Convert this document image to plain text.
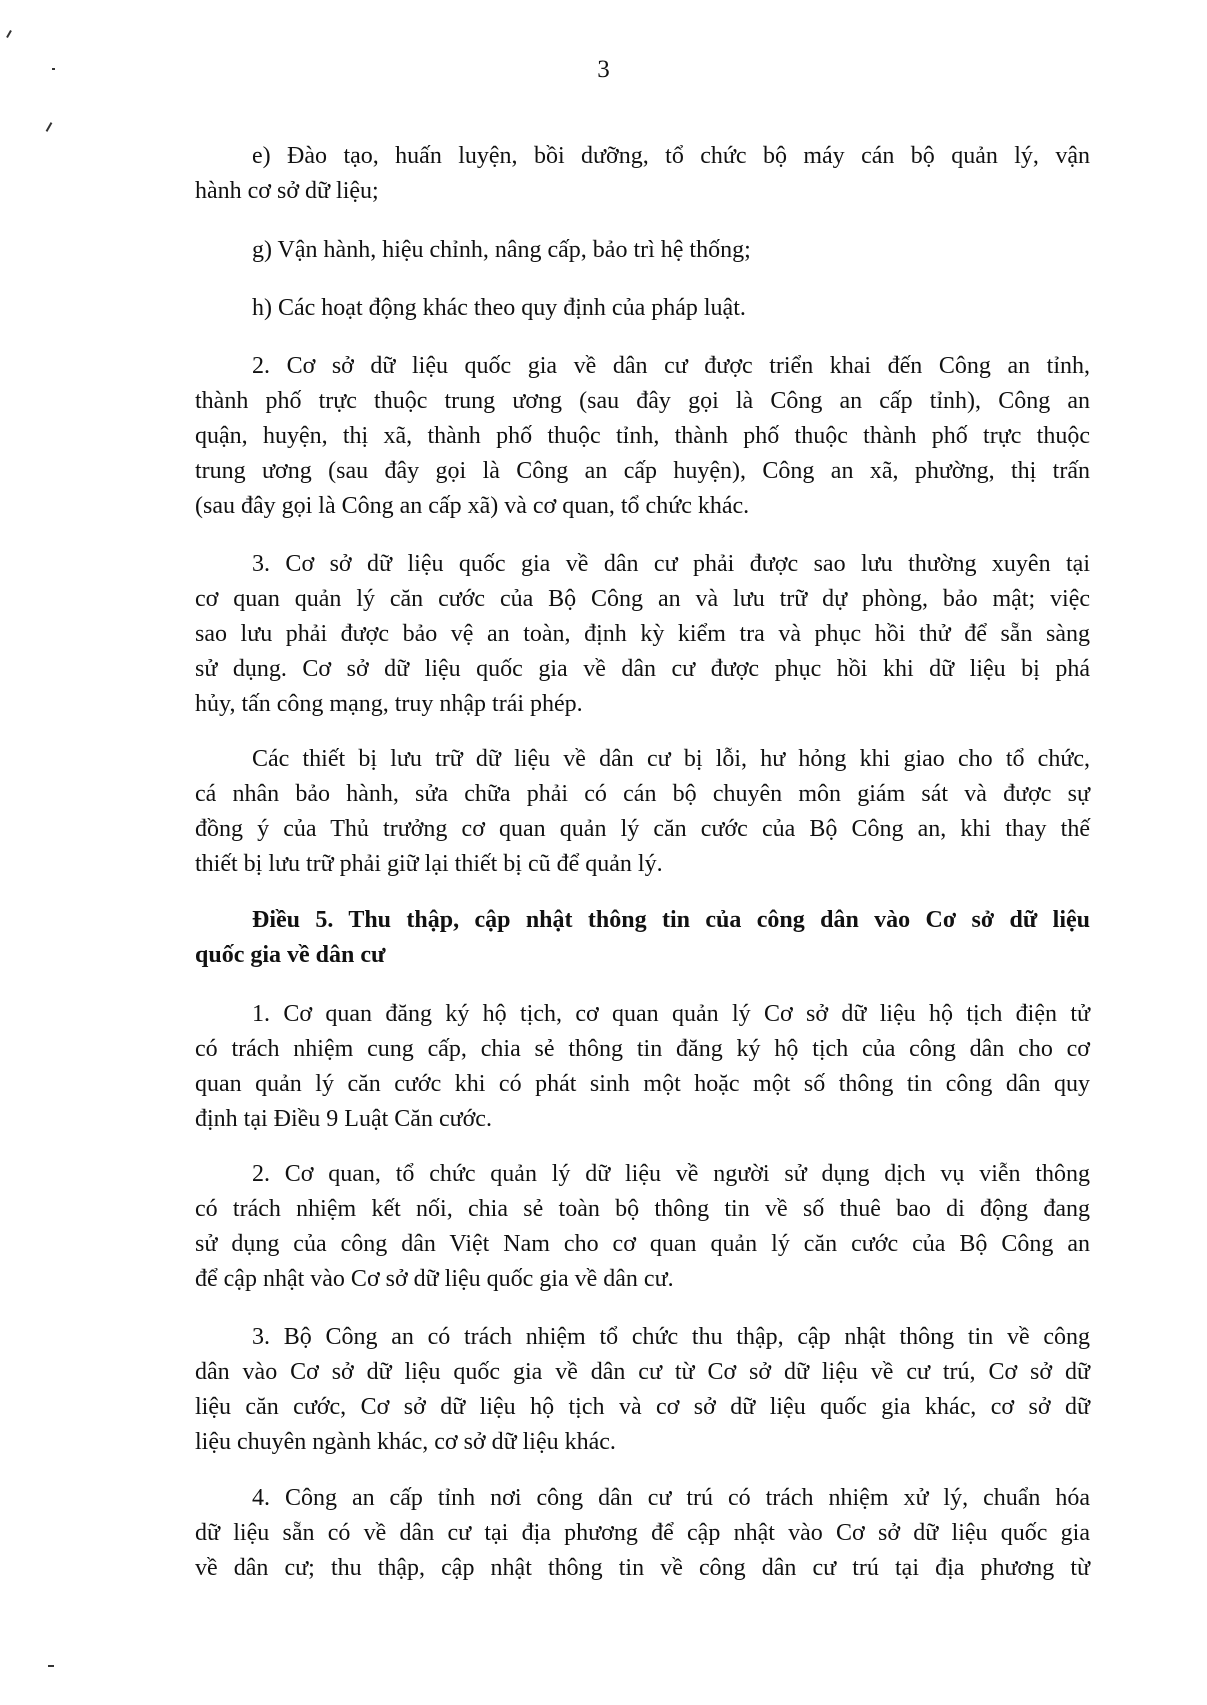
3
e) Đào tạo, huấn luyện, bồi dưỡng, tổ chức bộ máy cán bộ quản lý, vận
hành cơ sở dữ liệu;
g) Vận hành, hiệu chỉnh, nâng cấp, bảo trì hệ thống;
h) Các hoạt động khác theo quy định của pháp luật.
2. Cơ sở dữ liệu quốc gia về dân cư được triển khai đến Công an tỉnh,
thành phố trực thuộc trung ương (sau đây gọi là Công an cấp tỉnh), Công an
quận, huyện, thị xã, thành phố thuộc tỉnh, thành phố thuộc thành phố trực thuộc
trung ương (sau đây gọi là Công an cấp huyện), Công an xã, phường, thị trấn
(sau đây gọi là Công an cấp xã) và cơ quan, tổ chức khác.
3. Cơ sở dữ liệu quốc gia về dân cư phải được sao lưu thường xuyên tại
cơ quan quản lý căn cước của Bộ Công an và lưu trữ dự phòng, bảo mật; việc
sao lưu phải được bảo vệ an toàn, định kỳ kiểm tra và phục hồi thử để sẵn sàng
sử dụng. Cơ sở dữ liệu quốc gia về dân cư được phục hồi khi dữ liệu bị phá
hủy, tấn công mạng, truy nhập trái phép.
Các thiết bị lưu trữ dữ liệu về dân cư bị lỗi, hư hỏng khi giao cho tổ chức,
cá nhân bảo hành, sửa chữa phải có cán bộ chuyên môn giám sát và được sự
đồng ý của Thủ trưởng cơ quan quản lý căn cước của Bộ Công an, khi thay thế
thiết bị lưu trữ phải giữ lại thiết bị cũ để quản lý.
Điều 5. Thu thập, cập nhật thông tin của công dân vào Cơ sở dữ liệu
quốc gia về dân cư
1. Cơ quan đăng ký hộ tịch, cơ quan quản lý Cơ sở dữ liệu hộ tịch điện tử
có trách nhiệm cung cấp, chia sẻ thông tin đăng ký hộ tịch của công dân cho cơ
quan quản lý căn cước khi có phát sinh một hoặc một số thông tin công dân quy
định tại Điều 9 Luật Căn cước.
2. Cơ quan, tổ chức quản lý dữ liệu về người sử dụng dịch vụ viễn thông
có trách nhiệm kết nối, chia sẻ toàn bộ thông tin về số thuê bao di động đang
sử dụng của công dân Việt Nam cho cơ quan quản lý căn cước của Bộ Công an
để cập nhật vào Cơ sở dữ liệu quốc gia về dân cư.
3. Bộ Công an có trách nhiệm tổ chức thu thập, cập nhật thông tin về công
dân vào Cơ sở dữ liệu quốc gia về dân cư từ Cơ sở dữ liệu về cư trú, Cơ sở dữ
liệu căn cước, Cơ sở dữ liệu hộ tịch và cơ sở dữ liệu quốc gia khác, cơ sở dữ
liệu chuyên ngành khác, cơ sở dữ liệu khác.
4. Công an cấp tỉnh nơi công dân cư trú có trách nhiệm xử lý, chuẩn hóa
dữ liệu sẵn có về dân cư tại địa phương để cập nhật vào Cơ sở dữ liệu quốc gia
về dân cư; thu thập, cập nhật thông tin về công dân cư trú tại địa phương từ
